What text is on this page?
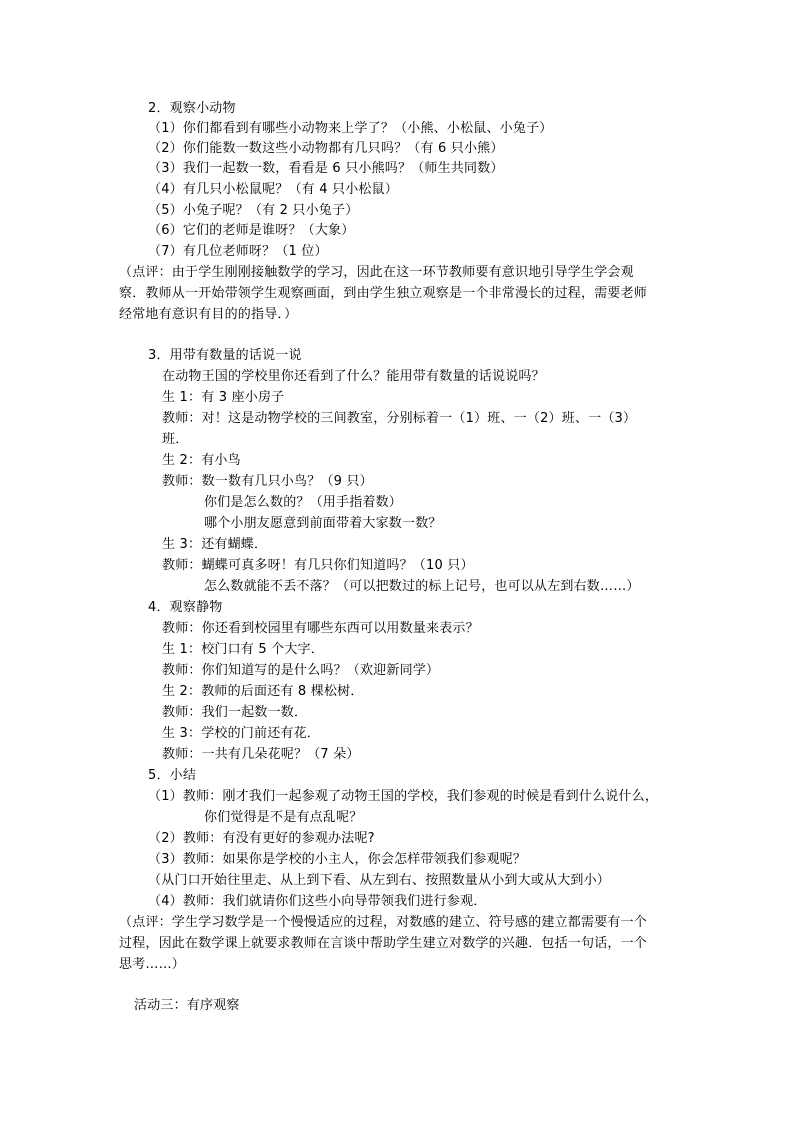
2．观察小动物
（1）你们都看到有哪些小动物来上学了？（小熊、小松鼠、小兔子）
（2）你们能数一数这些小动物都有几只吗？（有 6 只小熊）
（3）我们一起数一数，看看是 6 只小熊吗？（师生共同数）
（4）有几只小松鼠呢？（有 4 只小松鼠）
（5）小兔子呢？（有 2 只小兔子）
（6）它们的老师是谁呀？（大象）
（7）有几位老师呀？（1 位）
（点评：由于学生刚刚接触数学的学习，因此在这一环节教师要有意识地引导学生学会观
察．教师从一开始带领学生观察画面，到由学生独立观察是一个非常漫长的过程，需要老师
经常地有意识有目的的指导．）
3．用带有数量的话说一说
在动物王国的学校里你还看到了什么？能用带有数量的话说说吗？
生 1：有 3 座小房子
教师：对！这是动物学校的三间教室，分别标着一（1）班、一（2）班、一（3）
班．
生 2：有小鸟
教师：数一数有几只小鸟？（9 只）
你们是怎么数的？（用手指着数）
哪个小朋友愿意到前面带着大家数一数？
生 3：还有蝴蝶．
教师：蝴蝶可真多呀！有几只你们知道吗？（10 只）
怎么数就能不丢不落？（可以把数过的标上记号，也可以从左到右数……）
4．观察静物
教师：你还看到校园里有哪些东西可以用数量来表示？
生 1：校门口有 5 个大字．
教师：你们知道写的是什么吗？（欢迎新同学）
生 2：教师的后面还有 8 棵松树．
教师：我们一起数一数．
生 3：学校的门前还有花．
教师：一共有几朵花呢？（7 朵）
5．小结
（1）教师：刚才我们一起参观了动物王国的学校，我们参观的时候是看到什么说什么，
你们觉得是不是有点乱呢？
（2）教师：有没有更好的参观办法呢?
（3）教师：如果你是学校的小主人，你会怎样带领我们参观呢？
（从门口开始往里走、从上到下看、从左到右、按照数量从小到大或从大到小）
（4）教师：我们就请你们这些小向导带领我们进行参观．
（点评：学生学习数学是一个慢慢适应的过程，对数感的建立、符号感的建立都需要有一个
过程，因此在数学课上就要求教师在言谈中帮助学生建立对数学的兴趣．包括一句话，一个
思考……）
活动三：有序观察
